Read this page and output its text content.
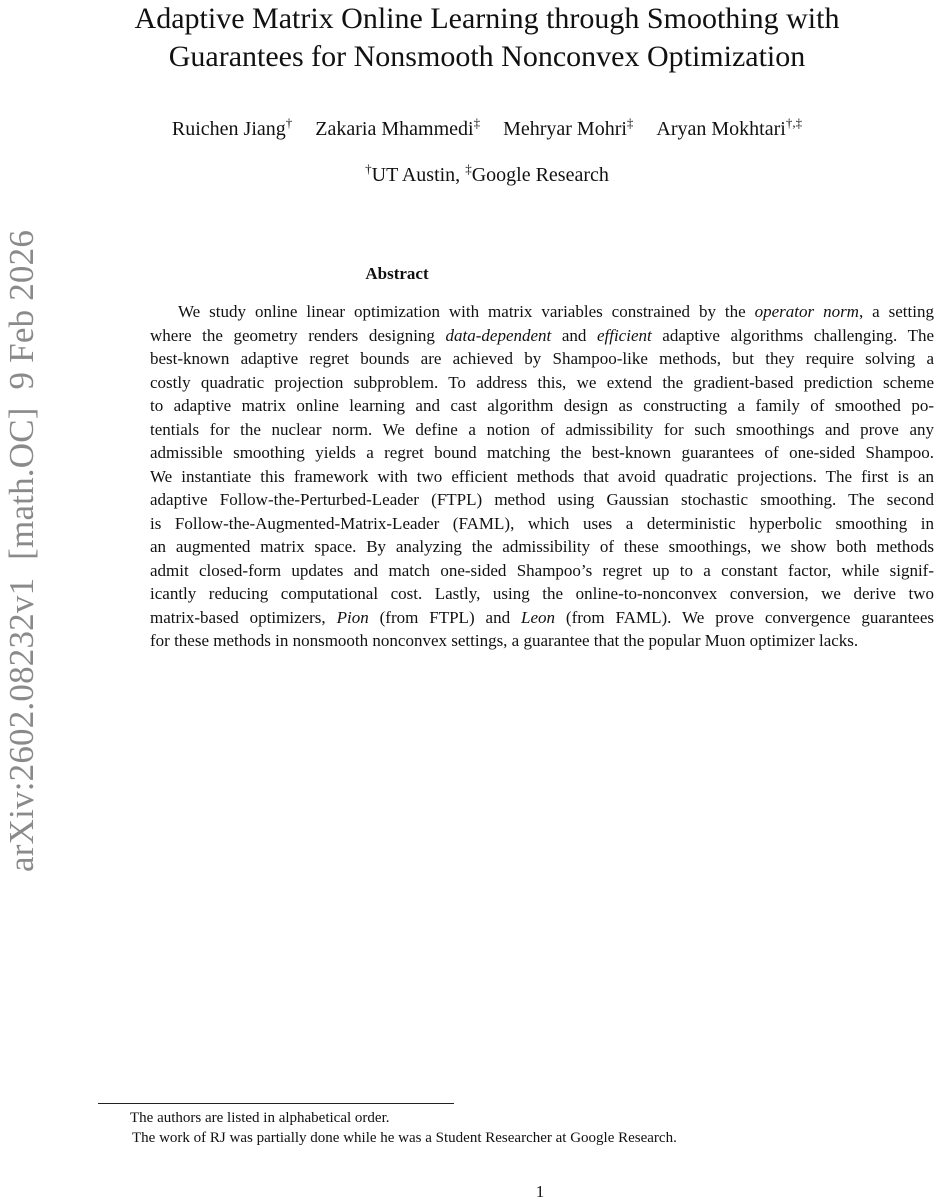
arXiv:2602.08232v1  [math.OC]  9 Feb 2026
Adaptive Matrix Online Learning through Smoothing with
Guarantees for Nonsmooth Nonconvex Optimization
Ruichen Jiang† Zakaria Mhammedi‡ Mehryar Mohri‡ Aryan Mokhtari†,‡
†UT Austin, ‡Google Research
Abstract
We study online linear optimization with matrix variables constrained by the operator norm, a setting
where the geometry renders designing data-dependent and efficient adaptive algorithms challenging. The
best-known adaptive regret bounds are achieved by Shampoo-like methods, but they require solving a
costly quadratic projection subproblem. To address this, we extend the gradient-based prediction scheme
to adaptive matrix online learning and cast algorithm design as constructing a family of smoothed po-
tentials for the nuclear norm. We define a notion of admissibility for such smoothings and prove any
admissible smoothing yields a regret bound matching the best-known guarantees of one-sided Shampoo.
We instantiate this framework with two efficient methods that avoid quadratic projections. The first is an
adaptive Follow-the-Perturbed-Leader (FTPL) method using Gaussian stochastic smoothing. The second
is Follow-the-Augmented-Matrix-Leader (FAML), which uses a deterministic hyperbolic smoothing in
an augmented matrix space. By analyzing the admissibility of these smoothings, we show both methods
admit closed-form updates and match one-sided Shampoo’s regret up to a constant factor, while signif-
icantly reducing computational cost. Lastly, using the online-to-nonconvex conversion, we derive two
matrix-based optimizers, Pion (from FTPL) and Leon (from FAML). We prove convergence guarantees
for these methods in nonsmooth nonconvex settings, a guarantee that the popular Muon optimizer lacks.
The authors are listed in alphabetical order.
The work of RJ was partially done while he was a Student Researcher at Google Research.
1
